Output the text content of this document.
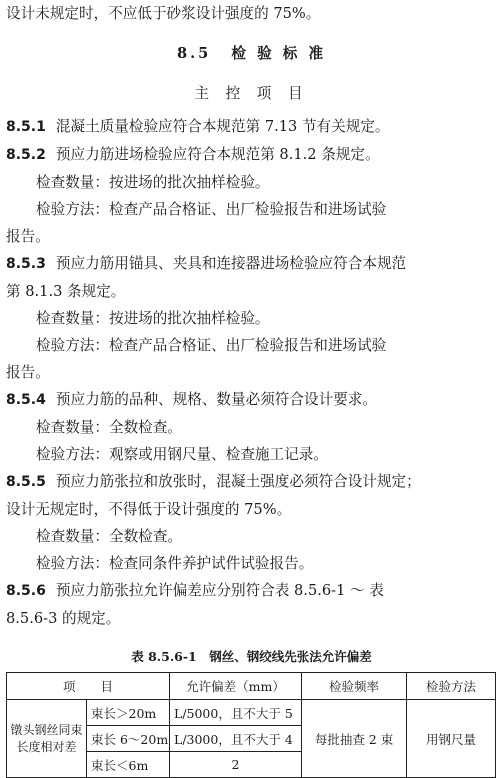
设计未规定时，不应低于砂浆设计强度的 75%。
8.5 检 验 标 准
主 控 项 目
8.5.1 混凝土质量检验应符合本规范第 7.13 节有关规定。
8.5.2 预应力筋进场检验应符合本规范第 8.1.2 条规定。
检查数量：按进场的批次抽样检验。
检验方法：检查产品合格证、出厂检验报告和进场试验
报告。
8.5.3 预应力筋用锚具、夹具和连接器进场检验应符合本规范
第 8.1.3 条规定。
检查数量：按进场的批次抽样检验。
检验方法：检查产品合格证、出厂检验报告和进场试验
报告。
8.5.4 预应力筋的品种、规格、数量必须符合设计要求。
检查数量：全数检查。
检验方法：观察或用钢尺量、检查施工记录。
8.5.5 预应力筋张拉和放张时，混凝土强度必须符合设计规定；
设计无规定时，不得低于设计强度的 75%。
检查数量：全数检查。
检验方法：检查同条件养护试件试验报告。
8.5.6 预应力筋张拉允许偏差应分别符合表 8.5.6-1 ～ 表
8.5.6-3 的规定。
表 8.5.6-1　钢丝、钢绞线先张法允许偏差
项　　目		允许偏差（mm）	检验频率	检验方法
镦头钢丝同束长度相对差	束长＞20m	L/5000，且不大于 5	每批抽查 2 束	用钢尺量
	束长 6～20m	L/3000，且不大于 4		
	束长＜6m	2		
